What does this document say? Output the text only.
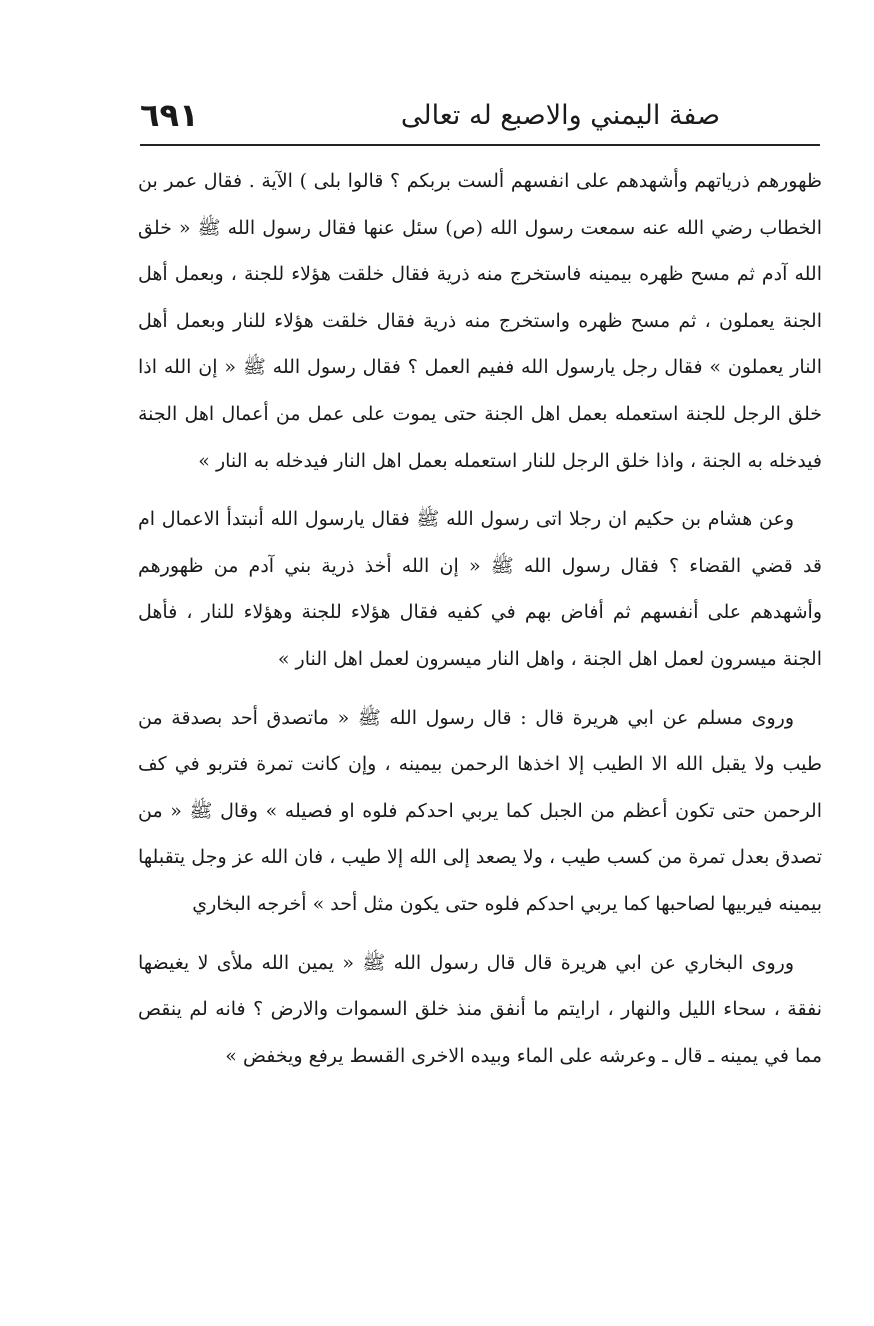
صفة اليمني والاصبع له تعالى
٦٩١

ظهورهم ذرياتهم وأشهدهم على انفسهم ألست بربكم ؟ قالوا بلى ) الآية . فقال عمر بن الخطاب رضي الله عنه سمعت رسول الله (ص) سئل عنها فقال رسول الله ﷺ « خلق الله آدم ثم مسح ظهره بيمينه فاستخرج منه ذرية فقال خلقت هؤلاء للجنة ، وبعمل أهل الجنة يعملون ، ثم مسح ظهره واستخرج منه ذرية فقال خلقت هؤلاء للنار وبعمل أهل النار يعملون » فقال رجل يارسول الله ففيم العمل ؟ فقال رسول الله ﷺ « إن الله اذا خلق الرجل للجنة استعمله بعمل اهل الجنة حتى يموت على عمل من أعمال اهل الجنة فيدخله به الجنة ، واذا خلق الرجل للنار استعمله بعمل اهل النار فيدخله به النار »

وعن هشام بن حكيم ان رجلا اتى رسول الله ﷺ فقال يارسول الله أنبتدأ الاعمال ام قد قضي القضاء ؟ فقال رسول الله ﷺ « إن الله أخذ ذرية بني آدم من ظهورهم وأشهدهم على أنفسهم ثم أفاض بهم في كفيه فقال هؤلاء للجنة وهؤلاء للنار ، فأهل الجنة ميسرون لعمل اهل الجنة ، واهل النار ميسرون لعمل اهل النار »

وروى مسلم عن ابي هريرة قال : قال رسول الله ﷺ « ماتصدق أحد بصدقة من طيب ولا يقبل الله الا الطيب إلا اخذها الرحمن بيمينه ، وإن كانت تمرة فتربو في كف الرحمن حتى تكون أعظم من الجبل كما يربي احدكم فلوه او فصيله » وقال ﷺ « من تصدق بعدل تمرة من كسب طيب ، ولا يصعد إلى الله إلا طيب ، فان الله عز وجل يتقبلها بيمينه فيربيها لصاحبها كما يربي احدكم فلوه حتى يكون مثل أحد » أخرجه البخاري

وروى البخاري عن ابي هريرة قال قال رسول الله ﷺ « يمين الله ملأى لا يغيضها نفقة ، سحاء الليل والنهار ، ارايتم ما أنفق منذ خلق السموات والارض ؟ فانه لم ينقص مما في يمينه ـ قال ـ وعرشه على الماء وبيده الاخرى القسط يرفع ويخفض »
